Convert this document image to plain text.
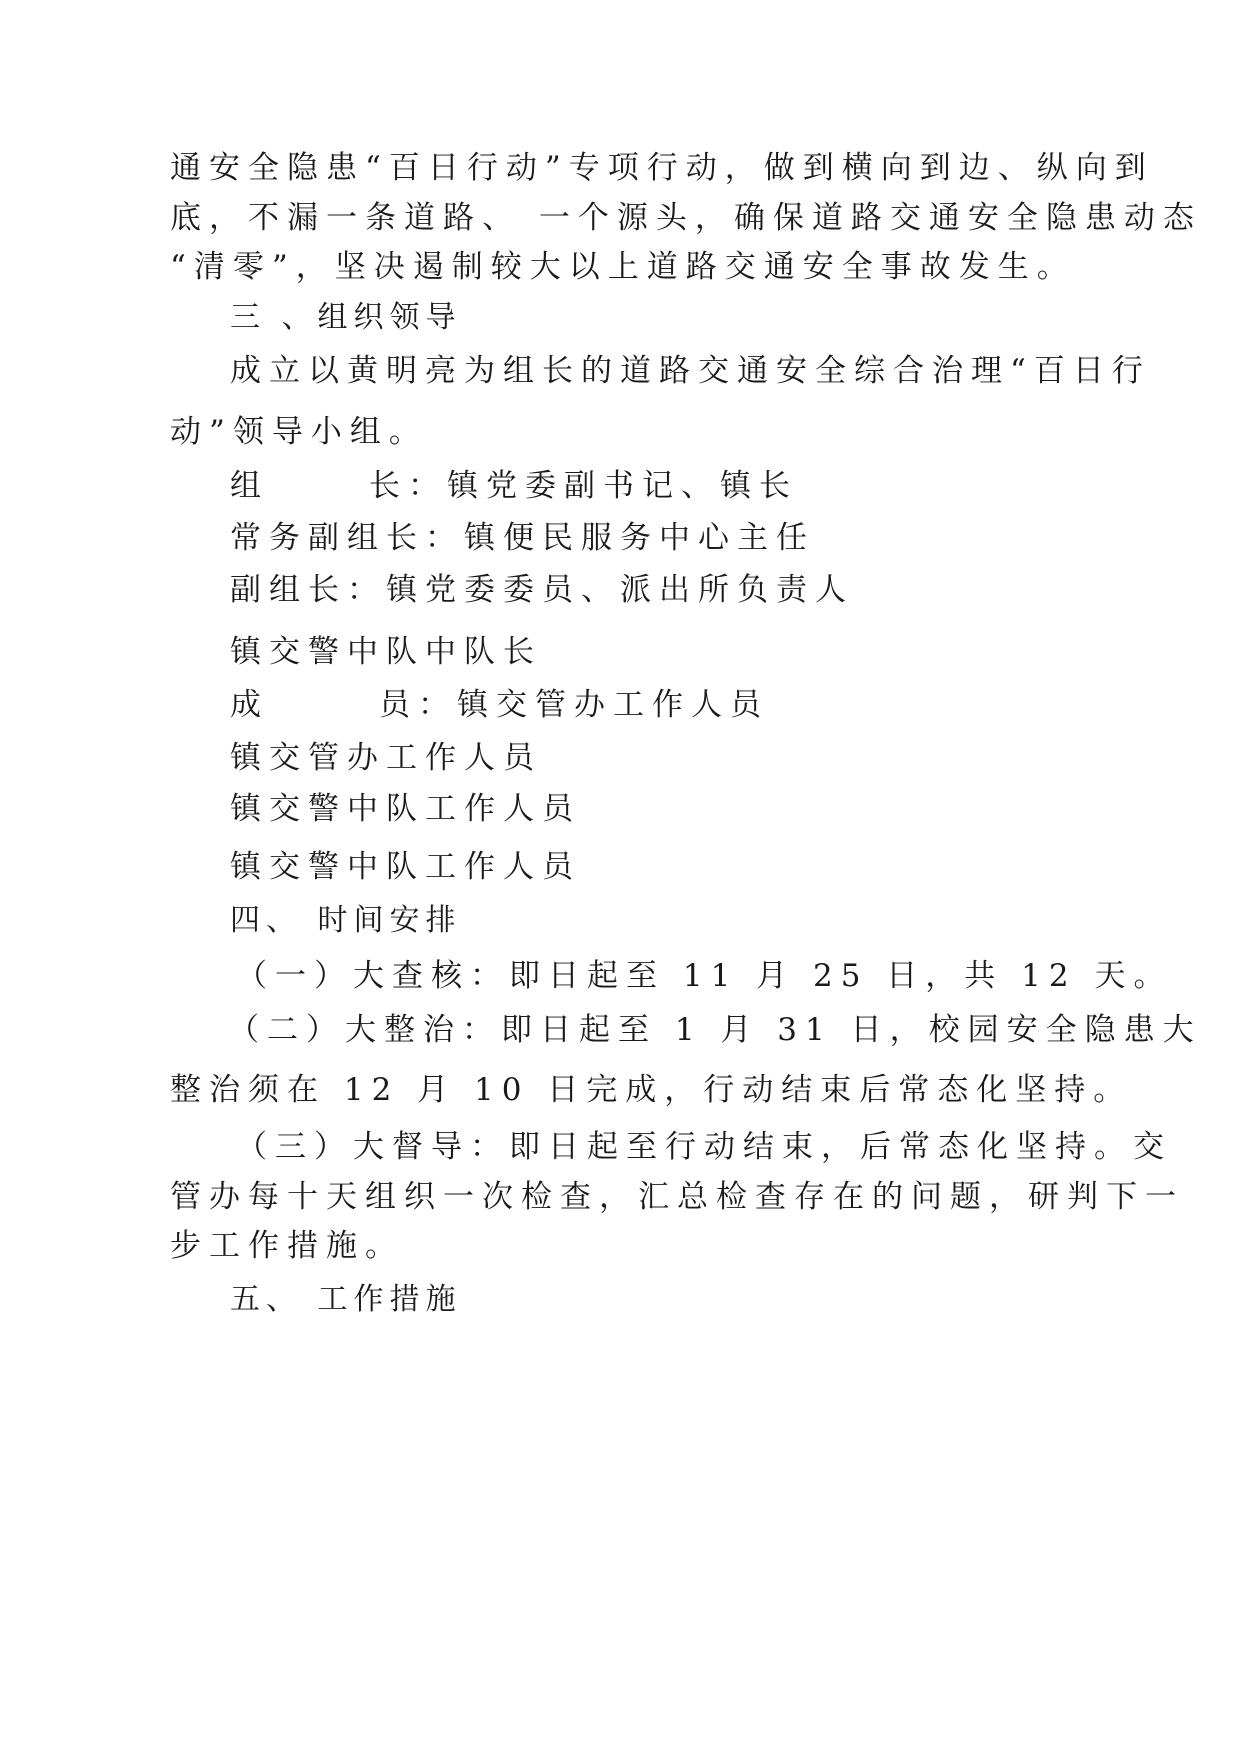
通安全隐患“百日行动”专项行动，做到横向到边、纵向到
底，不漏一条道路、 一个源头，确保道路交通安全隐患动态
“清零”，坚决遏制较大以上道路交通安全事故发生。
三 、组织领导
成立以黄明亮为组长的道路交通安全综合治理“百日行
动”领导小组。
组	长：镇党委副书记、镇长
常务副组长：镇便民服务中心主任
副组长：镇党委委员、派出所负责人
镇交警中队中队长
成	员：镇交管办工作人员
镇交管办工作人员
镇交警中队工作人员
镇交警中队工作人员
四、 时间安排
（一）大查核：即日起至 11 月 25 日，共 12 天。
（二）大整治：即日起至 1 月 31 日，校园安全隐患大
整治须在 12 月 10 日完成，行动结束后常态化坚持。
（三）大督导：即日起至行动结束，后常态化坚持。交
管办每十天组织一次检查，汇总检查存在的问题，研判下一
步工作措施。
五、 工作措施
